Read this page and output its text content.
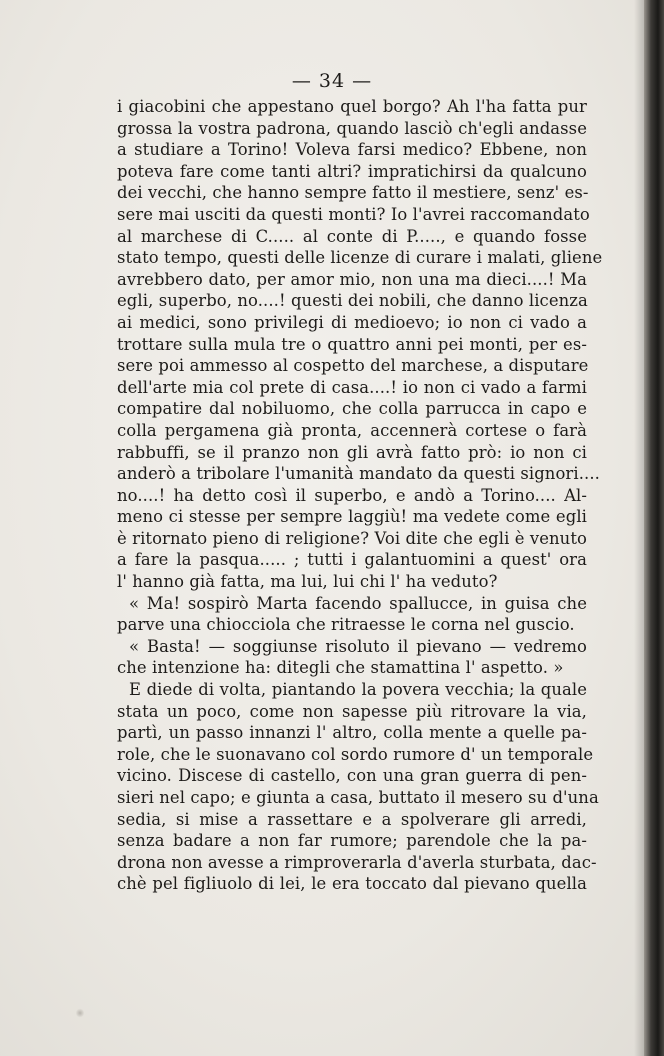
— 34 —
i giacobini che appestano quel borgo? Ah l'ha fatta pur
grossa la vostra padrona, quando lasciò ch'egli andasse
a studiare a Torino! Voleva farsi medico? Ebbene, non
poteva fare come tanti altri? impratichirsi da qualcuno
dei vecchi, che hanno sempre fatto il mestiere, senz' es-
sere mai usciti da questi monti? Io l'avrei raccomandato
al marchese di C..... al conte di P....., e quando fosse
stato tempo, questi delle licenze di curare i malati, gliene
avrebbero dato, per amor mio, non una ma dieci....! Ma
egli, superbo, no....! questi dei nobili, che danno licenza
ai medici, sono privilegi di medioevo; io non ci vado a
trottare sulla mula tre o quattro anni pei monti, per es-
sere poi ammesso al cospetto del marchese, a disputare
dell'arte mia col prete di casa....! io non ci vado a farmi
compatire dal nobiluomo, che colla parrucca in capo e
colla pergamena già pronta, accennerà cortese o farà
rabbuffi, se il pranzo non gli avrà fatto prò: io non ci
anderò a tribolare l'umanità mandato da questi signori....
no....! ha detto così il superbo, e andò a Torino.... Al-
meno ci stesse per sempre laggiù! ma vedete come egli
è ritornato pieno di religione? Voi dite che egli è venuto
a fare la pasqua..... ; tutti i galantuomini a quest' ora
l' hanno già fatta, ma lui, lui chi l' ha veduto?
« Ma! sospirò Marta facendo spallucce, in guisa che
parve una chiocciola che ritraesse le corna nel guscio.
« Basta! — soggiunse risoluto il pievano — vedremo
che intenzione ha: ditegli che stamattina l' aspetto. »
E diede di volta, piantando la povera vecchia; la quale
stata un poco, come non sapesse più ritrovare la via,
partì, un passo innanzi l' altro, colla mente a quelle pa-
role, che le suonavano col sordo rumore d' un temporale
vicino. Discese di castello, con una gran guerra di pen-
sieri nel capo; e giunta a casa, buttato il mesero su d'una
sedia, si mise a rassettare e a spolverare gli arredi,
senza badare a non far rumore; parendole che la pa-
drona non avesse a rimproverarla d'averla sturbata, dac-
chè pel figliuolo di lei, le era toccato dal pievano quella
